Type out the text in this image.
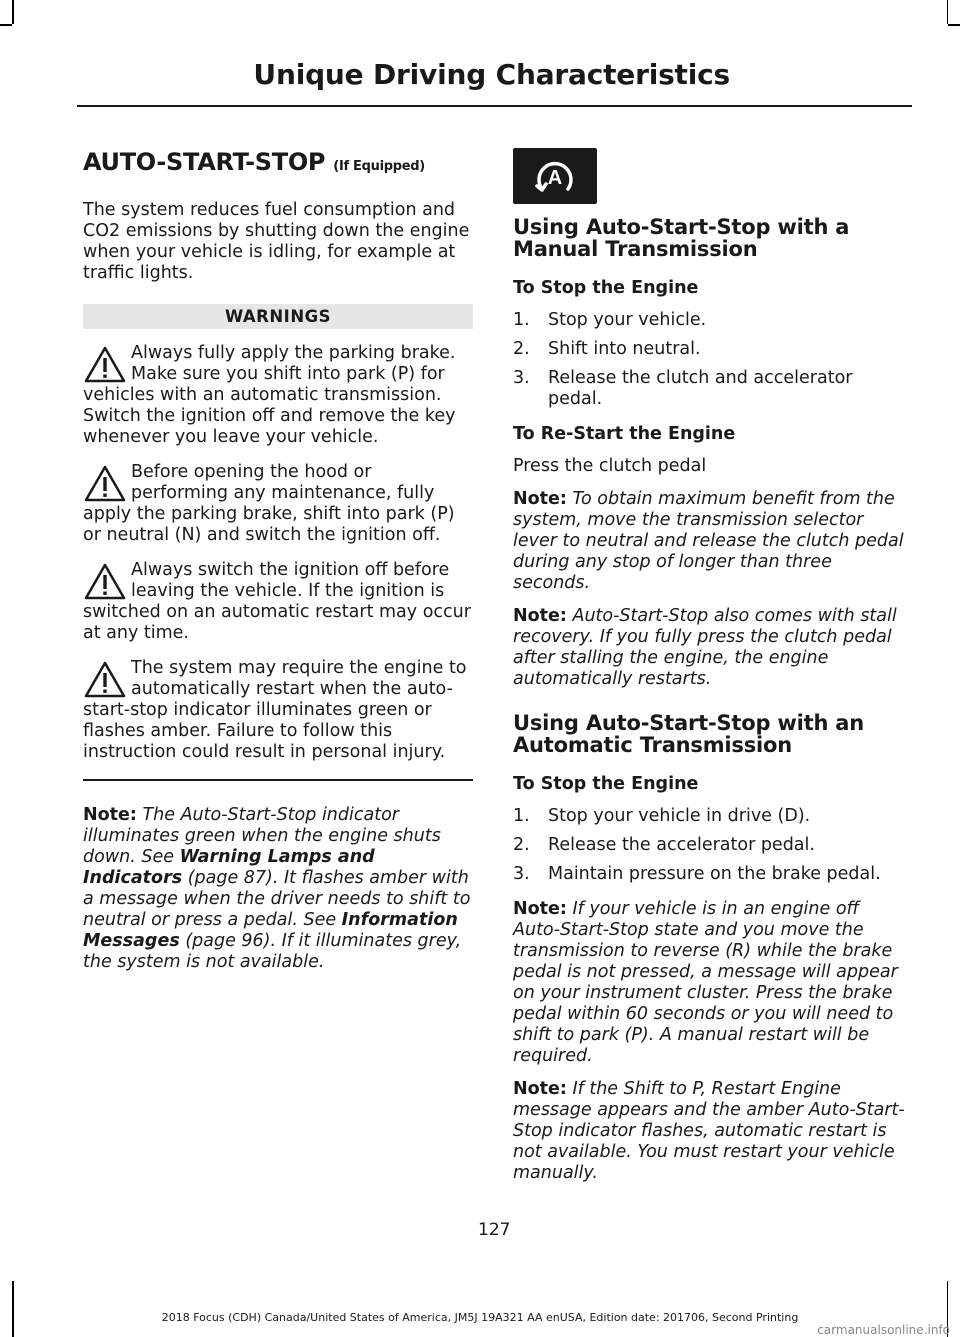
Unique Driving Characteristics
AUTO-START-STOP (If Equipped)

The system reduces fuel consumption and CO2 emissions by shutting down the engine when your vehicle is idling, for example at traffic lights.

WARNINGS

Always fully apply the parking brake. Make sure you shift into park (P) for vehicles with an automatic transmission. Switch the ignition off and remove the key whenever you leave your vehicle.

Before opening the hood or performing any maintenance, fully apply the parking brake, shift into park (P) or neutral (N) and switch the ignition off.

Always switch the ignition off before leaving the vehicle. If the ignition is switched on an automatic restart may occur at any time.

The system may require the engine to automatically restart when the auto-start-stop indicator illuminates green or flashes amber. Failure to follow this instruction could result in personal injury.

Note: The Auto-Start-Stop indicator illuminates green when the engine shuts down. See Warning Lamps and Indicators (page 87). It flashes amber with a message when the driver needs to shift to neutral or press a pedal. See Information Messages (page 96). If it illuminates grey, the system is not available.

A
Using Auto-Start-Stop with a Manual Transmission
To Stop the Engine
1.	Stop your vehicle.
2.	Shift into neutral.
3.	Release the clutch and accelerator pedal.
To Re-Start the Engine

Press the clutch pedal

Note: To obtain maximum benefit from the system, move the transmission selector lever to neutral and release the clutch pedal during any stop of longer than three seconds.

Note: Auto-Start-Stop also comes with stall recovery. If you fully press the clutch pedal after stalling the engine, the engine automatically restarts.

Using Auto-Start-Stop with an Automatic Transmission
To Stop the Engine
1.	Stop your vehicle in drive (D).
2.	Release the accelerator pedal.
3.	Maintain pressure on the brake pedal.

Note: If your vehicle is in an engine off Auto-Start-Stop state and you move the transmission to reverse (R) while the brake pedal is not pressed, a message will appear on your instrument cluster. Press the brake pedal within 60 seconds or you will need to shift to park (P). A manual restart will be required.

Note: If the Shift to P, Restart Engine message appears and the amber Auto-Start-Stop indicator flashes, automatic restart is not available. You must restart your vehicle manually.

127
2018 Focus (CDH) Canada/United States of America, JM5J 19A321 AA enUSA, Edition date: 201706, Second Printing
carmanualsonline.info
